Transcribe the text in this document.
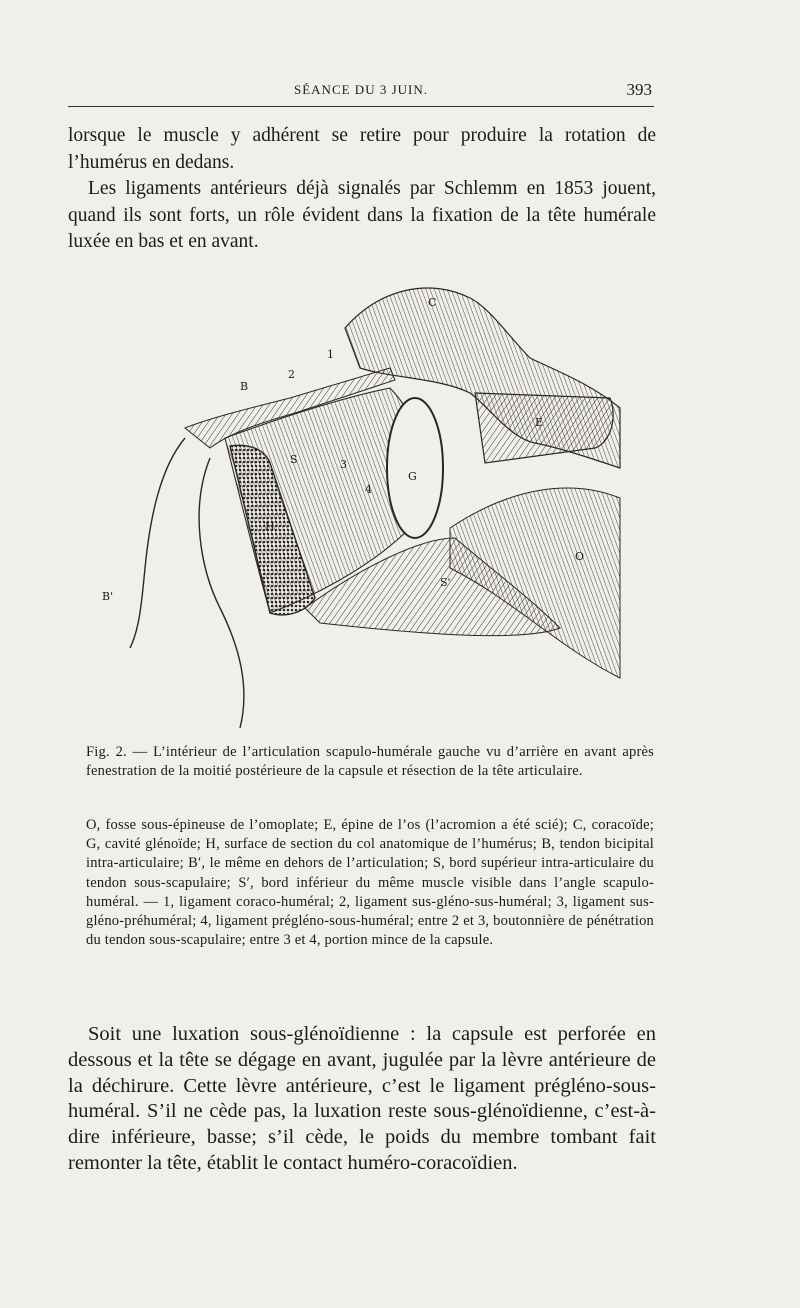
SÉANCE DU 3 JUIN.	393

lorsque le muscle y adhérent se retire pour produire la rotation de l’humérus en dedans.

Les ligaments antérieurs déjà signalés par Schlemm en 1853 jouent, quand ils sont forts, un rôle évident dans la fixation de la tête humérale luxée en bas et en avant.

C
1
2
B
E
S	3
G
4
H
O
B'
S'

Fig. 2. — L’intérieur de l’articulation scapulo-humérale gauche vu d’arrière en avant après fenestration de la moitié postérieure de la capsule et résection de la tête articulaire.

O, fosse sous-épineuse de l’omoplate; E, épine de l’os (l’acromion a été scié); C, coracoïde; G, cavité glénoïde; H, surface de section du col anatomique de l’humérus; B, tendon bicipital intra-articulaire; B′, le même en dehors de l’articulation; S, bord supérieur intra-articulaire du tendon sous-scapulaire; S′, bord inférieur du même muscle visible dans l’angle scapulo-huméral. — 1, ligament coraco-huméral; 2, ligament sus-gléno-sus-huméral; 3, ligament sus-gléno-préhuméral; 4, ligament prégléno-sous-huméral; entre 2 et 3, boutonnière de pénétration du tendon sous-scapulaire; entre 3 et 4, portion mince de la capsule.

Soit une luxation sous-glénoïdienne : la capsule est perforée en dessous et la tête se dégage en avant, jugulée par la lèvre antérieure de la déchirure. Cette lèvre antérieure, c’est le ligament prégléno-sous-huméral. S’il ne cède pas, la luxation reste sous-glénoïdienne, c’est-à-dire inférieure, basse; s’il cède, le poids du membre tombant fait remonter la tête, établit le contact huméro-coracoïdien.
